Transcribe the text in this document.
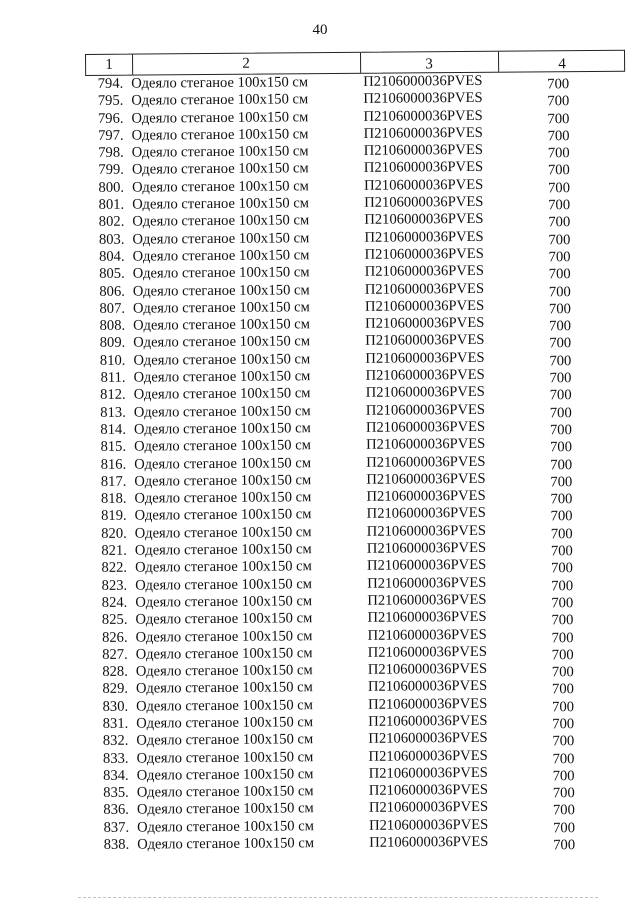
40
1	2	3	4
794. Одеяло стеганое 100х150 см	П2106000036PVES	700
795. Одеяло стеганое 100х150 см	П2106000036PVES	700
796. Одеяло стеганое 100х150 см	П2106000036PVES	700
797. Одеяло стеганое 100х150 см	П2106000036PVES	700
798. Одеяло стеганое 100х150 см	П2106000036PVES	700
799. Одеяло стеганое 100х150 см	П2106000036PVES	700
800. Одеяло стеганое 100х150 см	П2106000036PVES	700
801. Одеяло стеганое 100х150 см	П2106000036PVES	700
802. Одеяло стеганое 100х150 см	П2106000036PVES	700
803. Одеяло стеганое 100х150 см	П2106000036PVES	700
804. Одеяло стеганое 100х150 см	П2106000036PVES	700
805. Одеяло стеганое 100х150 см	П2106000036PVES	700
806. Одеяло стеганое 100х150 см	П2106000036PVES	700
807. Одеяло стеганое 100х150 см	П2106000036PVES	700
808. Одеяло стеганое 100х150 см	П2106000036PVES	700
809. Одеяло стеганое 100х150 см	П2106000036PVES	700
810. Одеяло стеганое 100х150 см	П2106000036PVES	700
811. Одеяло стеганое 100х150 см	П2106000036PVES	700
812. Одеяло стеганое 100х150 см	П2106000036PVES	700
813. Одеяло стеганое 100х150 см	П2106000036PVES	700
814. Одеяло стеганое 100х150 см	П2106000036PVES	700
815. Одеяло стеганое 100х150 см	П2106000036PVES	700
816. Одеяло стеганое 100х150 см	П2106000036PVES	700
817. Одеяло стеганое 100х150 см	П2106000036PVES	700
818. Одеяло стеганое 100х150 см	П2106000036PVES	700
819. Одеяло стеганое 100х150 см	П2106000036PVES	700
820. Одеяло стеганое 100х150 см	П2106000036PVES	700
821. Одеяло стеганое 100х150 см	П2106000036PVES	700
822. Одеяло стеганое 100х150 см	П2106000036PVES	700
823. Одеяло стеганое 100х150 см	П2106000036PVES	700
824. Одеяло стеганое 100х150 см	П2106000036PVES	700
825. Одеяло стеганое 100х150 см	П2106000036PVES	700
826. Одеяло стеганое 100х150 см	П2106000036PVES	700
827. Одеяло стеганое 100х150 см	П2106000036PVES	700
828. Одеяло стеганое 100х150 см	П2106000036PVES	700
829. Одеяло стеганое 100х150 см	П2106000036PVES	700
830. Одеяло стеганое 100х150 см	П2106000036PVES	700
831. Одеяло стеганое 100х150 см	П2106000036PVES	700
832. Одеяло стеганое 100х150 см	П2106000036PVES	700
833. Одеяло стеганое 100х150 см	П2106000036PVES	700
834. Одеяло стеганое 100х150 см	П2106000036PVES	700
835. Одеяло стеганое 100х150 см	П2106000036PVES	700
836. Одеяло стеганое 100х150 см	П2106000036PVES	700
837. Одеяло стеганое 100х150 см	П2106000036PVES	700
838. Одеяло стеганое 100х150 см	П2106000036PVES	700
